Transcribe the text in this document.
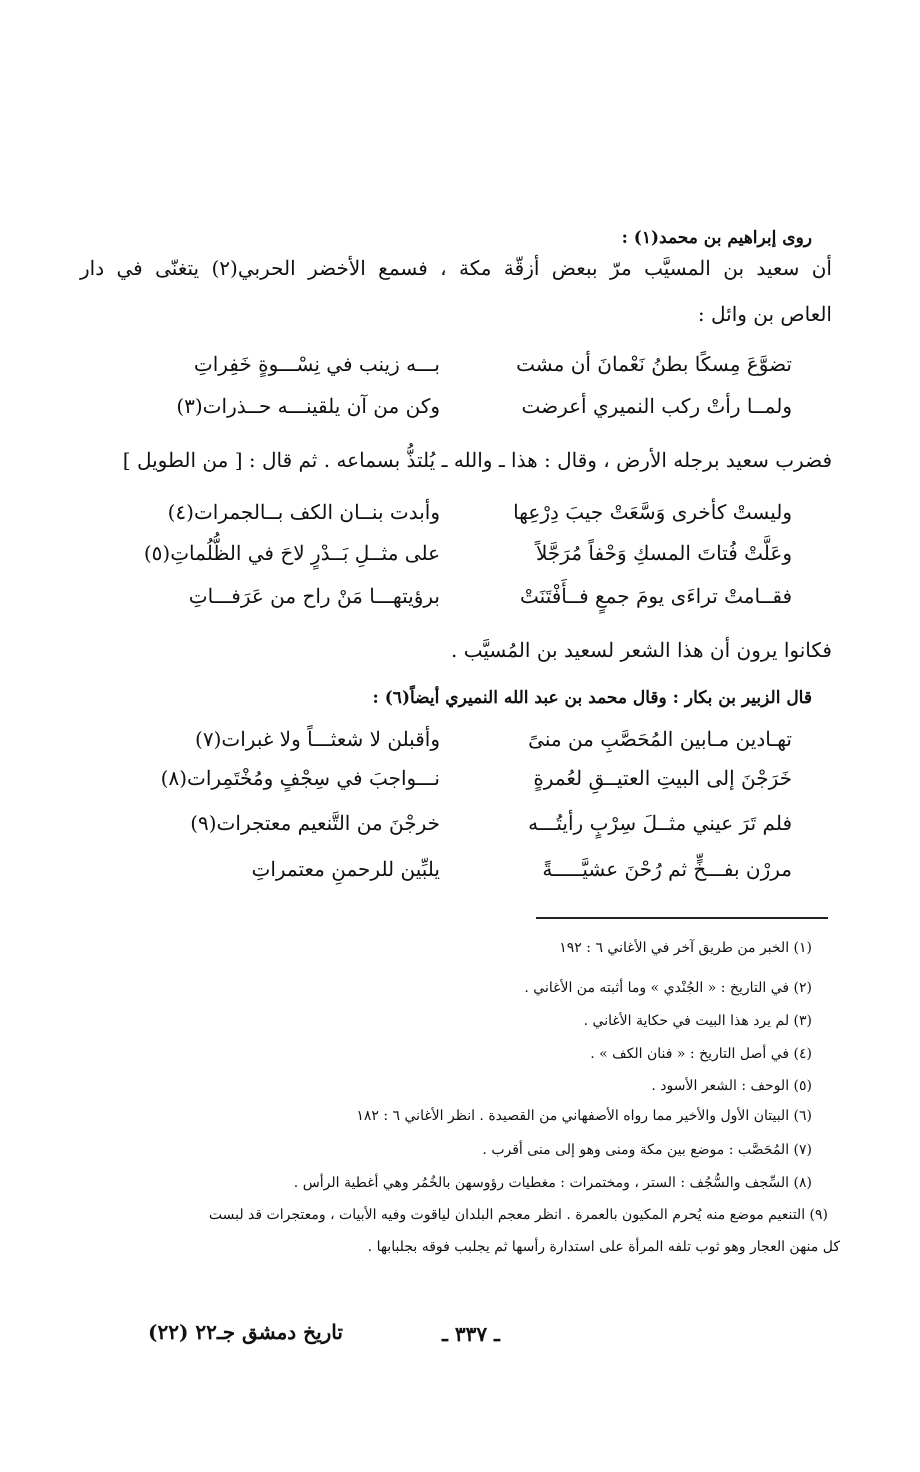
روى إبراهيم بن محمد(١) :
أن سعيد بن المسيَّب مرّ ببعض أزقّة مكة ، فسمع الأخضر الحربي(٢) يتغنّى في دار
العاص بن وائل :
تضوَّعَ مِسكًا بطنُ نَعْمانَ أن مشت
بـــه زينب في نِسْـــوةٍ خَفِراتِ
ولمــا رأتْ ركب النميري أعرضت
وكن من آن يلقينـــه حــذرات(٣)
فضرب سعيد برجله الأرض ، وقال : هذا ـ والله ـ يُلتذُّ بسماعه . ثم قال : [ من الطويل ]
وليستْ كأخرى وَسَّعَتْ جيبَ دِرْعِها
وأبدت بنــان الكف بــالجمرات(٤)
وعَلَّتْ فُتاتَ المسكِ وَحْفاً مُرَجَّلاً
على مثــلِ بَــدْرٍ لاحَ في الظُّلُماتِ(٥)
فقــامتْ تراءَى يومَ جمعٍ فــأَفْتَنَتْ
برؤيتهـــا مَنْ راح من عَرَفـــاتِ
فكانوا يرون أن هذا الشعر لسعيد بن المُسيَّب .
قال الزبير بن بكار : وقال محمد بن عبد الله النميري أيضاً(٦) :
تهـادين مـابين المُحَصَّبِ من منىً
وأقبلن لا شعثـــاً ولا غبرات(٧)
خَرَجْنَ إلى البيتِ العتيــقِ لعُمرةٍ
نـــواجبَ في سِجْفٍ ومُخْتَمِرات(٨)
فلم تَرَ عيني مثــلَ سِرْبٍ رأيتُـــه
خرجْنَ من التَّنعيم معتجرات(٩)
مررْن بفـــخٍّ ثم رُحْنَ عشيَّـــــةً
يلبِّين للرحمنِ معتمراتِ
(١) الخبر من طريق آخر في الأغاني ٦ : ١٩٢
(٢) في التاريخ : « الجُنْدي » وما أثبته من الأغاني .
(٣) لم يرد هذا البيت في حكاية الأغاني .
(٤) في أصل التاريخ : « فنان الكف » .
(٥) الوحف : الشعر الأسود .
(٦) البيتان الأول والأخير مما رواه الأصفهاني من القصيدة . انظر الأغاني ٦ : ١٨٢
(٧) المُحَصَّب : موضع بين مكة ومنى وهو إلى منى أقرب .
(٨) السِّجف والسُّجُف : الستر ، ومختمرات : مغطيات رؤوسهن بالخُمُر وهي أغطية الرأس .
(٩) التنعيم موضع منه يُحرم المكيون بالعمرة . انظر معجم البلدان لياقوت وفيه الأبيات ، ومعتجرات قد لبست
كل منهن العجار وهو ثوب تلفه المرأة على استدارة رأسها ثم يجلبب فوقه بجلبابها .
ـ ٣٣٧ ـ
تاريخ دمشق جـ٢٢ (٢٢)
